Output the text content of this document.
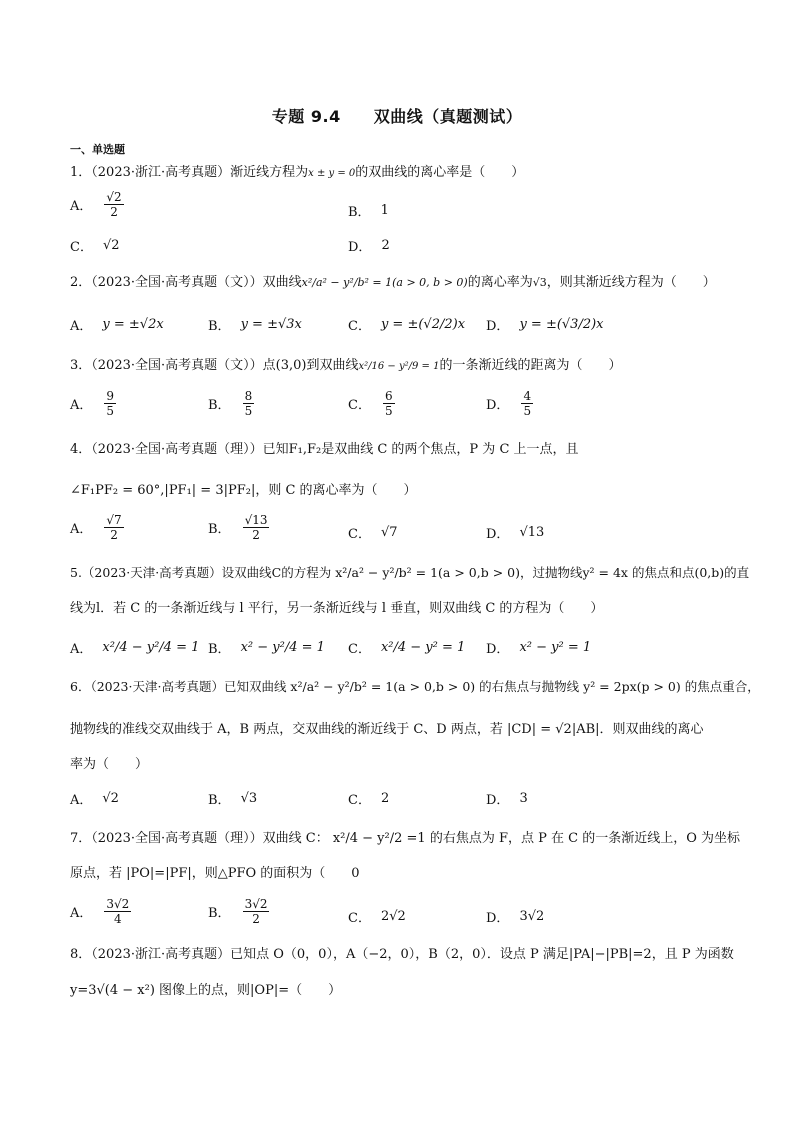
专题 9.4　　双曲线（真题测试）
一、单选题
1．（2023·浙江·高考真题）渐近线方程为x ± y = 0的双曲线的离心率是（　　）
A． $\frac{√2}{2}$	B． 1
C． √2	D． 2
2．（2023·全国·高考真题（文））双曲线x²/a² − y²/b² = 1(a > 0, b > 0)的离心率为√3，则其渐近线方程为（　　）
A． y = ±√2x	B． y = ±√3x	C． y = ±(√2/2)x D． y = ±(√3/2)x
3．（2023·全国·高考真题（文））点(3,0)到双曲线x²/16 − y²/9 = 1的一条渐近线的距离为（　　）
A． $\frac{9}{5}$	B． $\frac{8}{5}$	C． $\frac{6}{5}$	D． $\frac{4}{5}$
4．（2023·全国·高考真题（理））已知F₁,F₂是双曲线 C 的两个焦点，P 为 C 上一点，且
∠F₁PF₂ = 60°,|PF₁| = 3|PF₂|，则 C 的离心率为（　　）
A． $\frac{√7}{2}$	B． $\frac{√13}{2}$	C． √7	D． √13
5.（2023·天津·高考真题）设双曲线C的方程为 x²/a² − y²/b² = 1(a > 0,b > 0)，过抛物线y² = 4x 的焦点和点(0,b)的直
线为l．若 C 的一条渐近线与 l 平行，另一条渐近线与 l 垂直，则双曲线 C 的方程为（　　）
A． x²/4 − y²/4 = 1 B． x² − y²/4 = 1 C． x²/4 − y² = 1 D． x² − y² = 1
6．（2023·天津·高考真题）已知双曲线 x²/a² − y²/b² = 1(a > 0,b > 0) 的右焦点与抛物线 y² = 2px(p > 0) 的焦点重合，
抛物线的准线交双曲线于 A，B 两点，交双曲线的渐近线于 C、D 两点，若 |CD| = √2|AB|．则双曲线的离心
率为（　　）
A． √2	B． √3	C． 2	D． 3
7．（2023·全国·高考真题（理））双曲线 C： x²/4 − y²/2 =1 的右焦点为 F，点 P 在 C 的一条渐近线上，O 为坐标
原点，若 |PO|=|PF|，则△PFO 的面积为（　　0
A． $\frac{3√2}{4}$	B． $\frac{3√2}{2}$	C． 2√2	D． 3√2
8．（2023·浙江·高考真题）已知点 O（0，0），A（−2，0），B（2，0）．设点 P 满足|PA|−|PB|=2，且 P 为函数
y=3√(4 − x²) 图像上的点，则|OP|=（　　）
